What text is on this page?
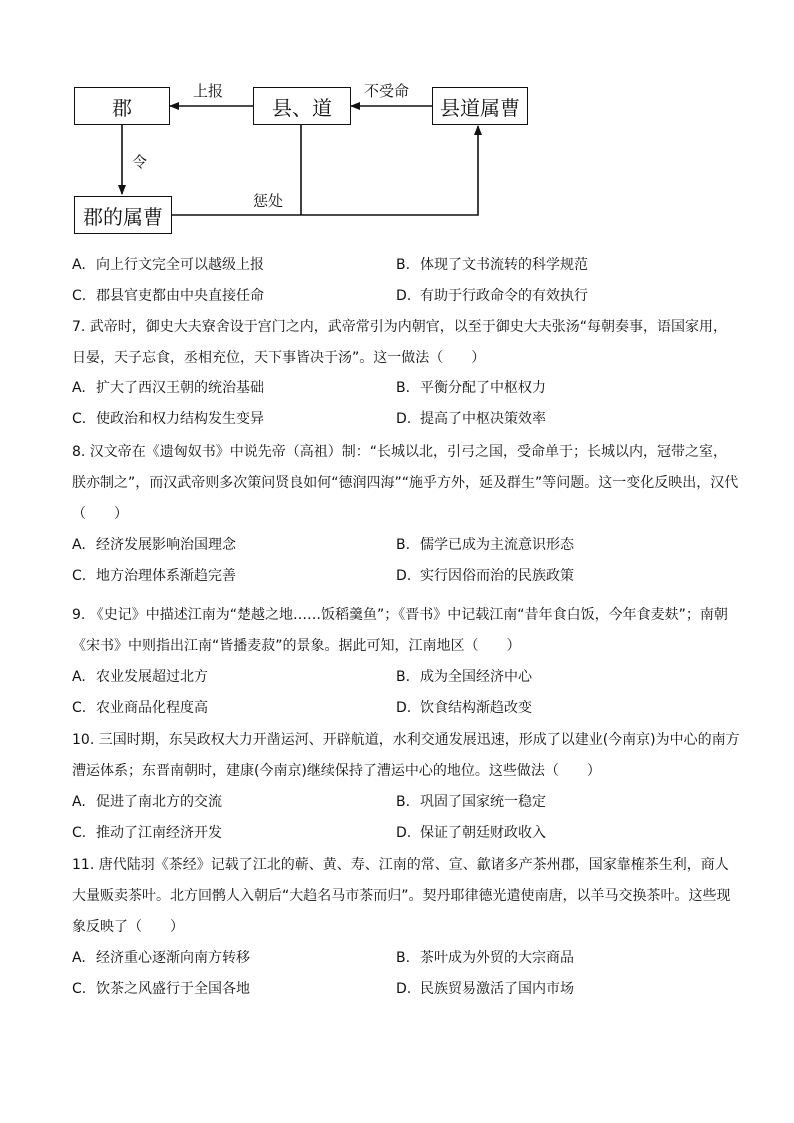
郡	县、道	县道属曹
郡的属曹
上报	不受命
令
惩处
A. 向上行文完全可以越级上报	B. 体现了文书流转的科学规范
C. 郡县官吏都由中央直接任命	D. 有助于行政命令的有效执行
7. 武帝时，御史大夫寮舍设于宫门之内，武帝常引为内朝官，以至于御史大夫张汤“每朝奏事，语国家用，日晏，天子忘食，丞相充位，天下事皆决于汤”。这一做法（　　）
A. 扩大了西汉王朝的统治基础	B. 平衡分配了中枢权力
C. 使政治和权力结构发生变异	D. 提高了中枢决策效率
8. 汉文帝在《遗匈奴书》中说先帝（高祖）制：“长城以北，引弓之国，受命单于；长城以内，冠带之室，朕亦制之”，而汉武帝则多次策问贤良如何“德润四海”“施乎方外，延及群生”等问题。这一变化反映出，汉代（　　）
A. 经济发展影响治国理念	B. 儒学已成为主流意识形态
C. 地方治理体系渐趋完善	D. 实行因俗而治的民族政策
9. 《史记》中描述江南为“楚越之地……饭稻羹鱼”；《晋书》中记载江南“昔年食白饭，今年食麦麸”；南朝《宋书》中则指出江南“皆播麦菽”的景象。据此可知，江南地区（　　）
A. 农业发展超过北方	B. 成为全国经济中心
C. 农业商品化程度高	D. 饮食结构渐趋改变
10. 三国时期，东吴政权大力开凿运河、开辟航道，水利交通发展迅速，形成了以建业(今南京)为中心的南方漕运体系；东晋南朝时，建康(今南京)继续保持了漕运中心的地位。这些做法（　　）
A. 促进了南北方的交流	B. 巩固了国家统一稳定
C. 推动了江南经济开发	D. 保证了朝廷财政收入
11. 唐代陆羽《茶经》记载了江北的蕲、黄、寿、江南的常、宣、歙诸多产茶州郡，国家靠榷茶生利，商人大量贩卖茶叶。北方回鹘人入朝后“大趋名马市茶而归”。契丹耶律德光遣使南唐，以羊马交换茶叶。这些现象反映了（　　）
A. 经济重心逐渐向南方转移	B. 茶叶成为外贸的大宗商品
C. 饮茶之风盛行于全国各地	D. 民族贸易激活了国内市场
